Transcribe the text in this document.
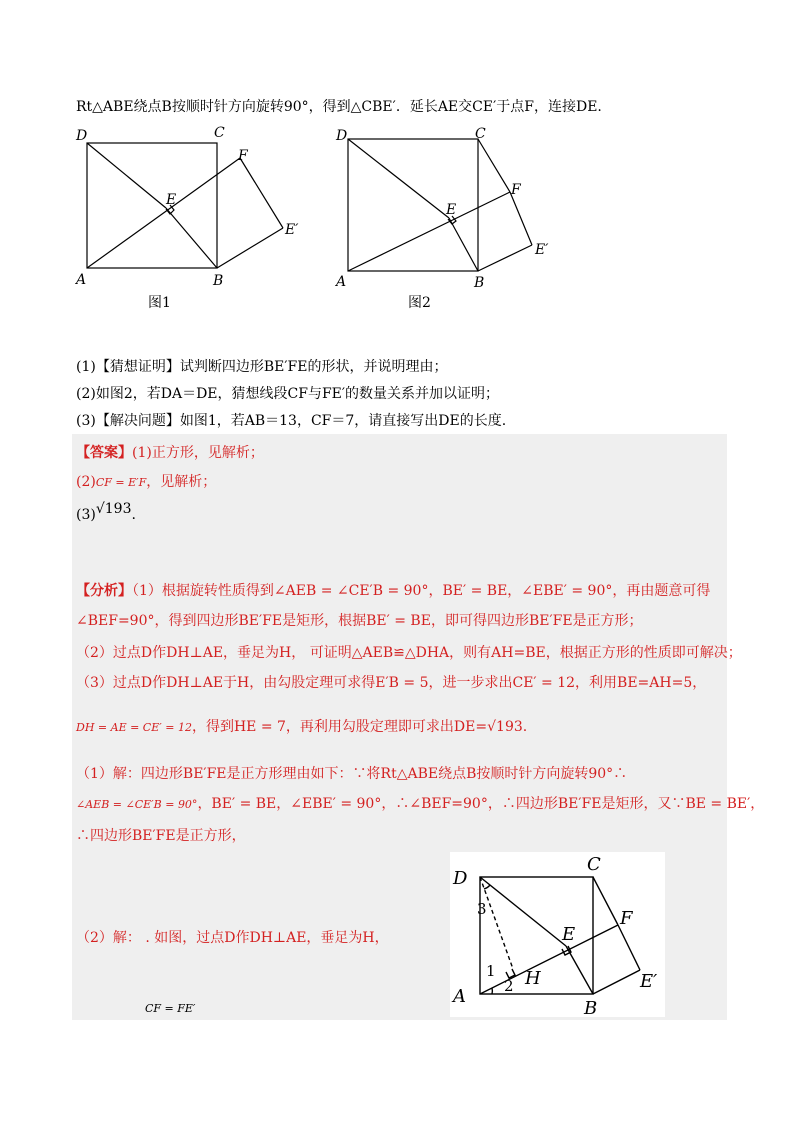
Rt△ABE绕点B按顺时针方向旋转90°，得到△CBE′．延长AE交CE′于点F，连接DE.
D	C
F
E
E′
A	B
图1
D	C
F
E
E′
A	B
图2
(1)【猜想证明】试判断四边形BE′FE的形状，并说明理由；
(2)如图2，若DA＝DE，猜想线段CF与FE′的数量关系并加以证明；
(3)【解决问题】如图1，若AB＝13，CF＝7，请直接写出DE的长度.
【答案】(1)正方形，见解析；
(2)CF = E′F，见解析；
(3)√193.
【分析】（1）根据旋转性质得到∠AEB = ∠CE′B = 90°，BE′ = BE，∠EBE′ = 90°，再由题意可得
∠BEF=90°，得到四边形BE′FE是矩形，根据BE′ = BE，即可得四边形BE′FE是正方形；
（2）过点D作DH⊥AE，垂足为H， 可证明△AEB≌△DHA，则有AH=BE，根据正方形的性质即可解决；
（3）过点D作DH⊥AE于H，由勾股定理可求得E′B = 5，进一步求出CE′ = 12，利用BE=AH=5，
DH = AE = CE′ = 12，得到HE = 7，再利用勾股定理即可求出DE=√193.
（1）解：四边形BE′FE是正方形理由如下：∵将Rt△ABE绕点B按顺时针方向旋转90°∴
∠AEB = ∠CE′B = 90°，BE′ = BE，∠EBE′ = 90°，∴∠BEF=90°，∴四边形BE′FE是矩形，又∵BE = BE′，
∴四边形BE′FE是正方形，
（2）解： . 如图，过点D作DH⊥AE，垂足为H，
CF = FE′
D
C
F
E
E′
A
B
H
1
2
3
